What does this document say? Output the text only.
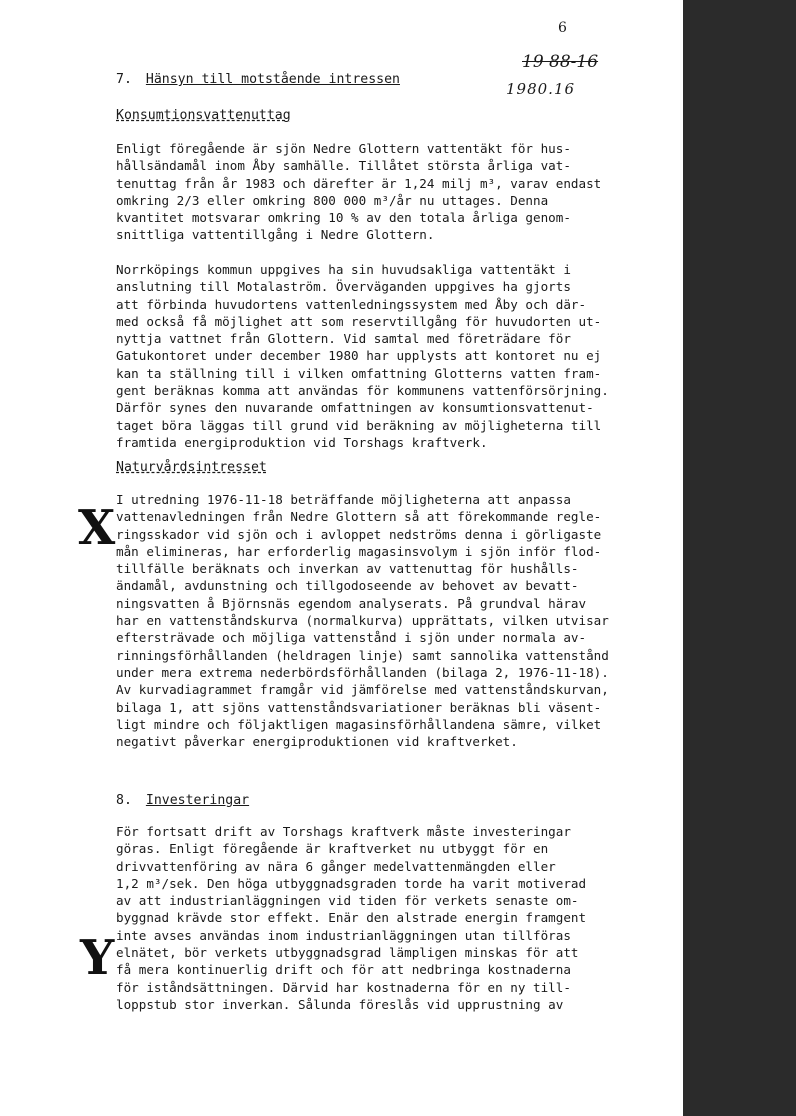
6
19 88-16
1980.16
7. Hänsyn till motstående intressen
Konsumtionsvattenuttag

Enligt föregående är sjön Nedre Glottern vattentäkt för hus-
hållsändamål inom Åby samhälle. Tillåtet största årliga vat-
tenuttag från år 1983 och därefter är 1,24 milj m³, varav endast
omkring 2/3 eller omkring 800 000 m³/år nu uttages. Denna
kvantitet motsvarar omkring 10 % av den totala årliga genom-
snittliga vattentillgång i Nedre Glottern.

Norrköpings kommun uppgives ha sin huvudsakliga vattentäkt i
anslutning till Motalaström. Överväganden uppgives ha gjorts
att förbinda huvudortens vattenledningssystem med Åby och där-
med också få möjlighet att som reservtillgång för huvudorten ut-
nyttja vattnet från Glottern. Vid samtal med företrädare för
Gatukontoret under december 1980 har upplysts att kontoret nu ej
kan ta ställning till i vilken omfattning Glotterns vatten fram-
gent beräknas komma att användas för kommunens vattenförsörjning.
Därför synes den nuvarande omfattningen av konsumtionsvattenut-
taget böra läggas till grund vid beräkning av möjligheterna till
framtida energiproduktion vid Torshags kraftverk.

Naturvårdsintresset

I utredning 1976-11-18 beträffande möjligheterna att anpassa
vattenavledningen från Nedre Glottern så att förekommande regle-
ringsskador vid sjön och i avloppet nedströms denna i görligaste
mån elimineras, har erforderlig magasinsvolym i sjön inför flod-
tillfälle beräknats och inverkan av vattenuttag för hushålls-
ändamål, avdunstning och tillgodoseende av behovet av bevatt-
ningsvatten å Björnsnäs egendom analyserats. På grundval härav
har en vattenståndskurva (normalkurva) upprättats, vilken utvisar
eftersträvade och möjliga vattenstånd i sjön under normala av-
rinningsförhållanden (heldragen linje) samt sannolika vattenstånd
under mera extrema nederbördsförhållanden (bilaga 2, 1976-11-18).
Av kurvadiagrammet framgår vid jämförelse med vattenståndskurvan,
bilaga 1, att sjöns vattenståndsvariationer beräknas bli väsent-
ligt mindre och följaktligen magasinsförhållandena sämre, vilket
negativt påverkar energiproduktionen vid kraftverket.

X
8. Investeringar

För fortsatt drift av Torshags kraftverk måste investeringar
göras. Enligt föregående är kraftverket nu utbyggt för en
drivvattenföring av nära 6 gånger medelvattenmängden eller
1,2 m³/sek. Den höga utbyggnadsgraden torde ha varit motiverad
av att industrianläggningen vid tiden för verkets senaste om-
byggnad krävde stor effekt. Enär den alstrade energin framgent
inte avses användas inom industrianläggningen utan tillföras
elnätet, bör verkets utbyggnadsgrad lämpligen minskas för att
få mera kontinuerlig drift och för att nedbringa kostnaderna
för iståndsättningen. Därvid har kostnaderna för en ny till-
loppstub stor inverkan. Sålunda föreslås vid upprustning av

Y
